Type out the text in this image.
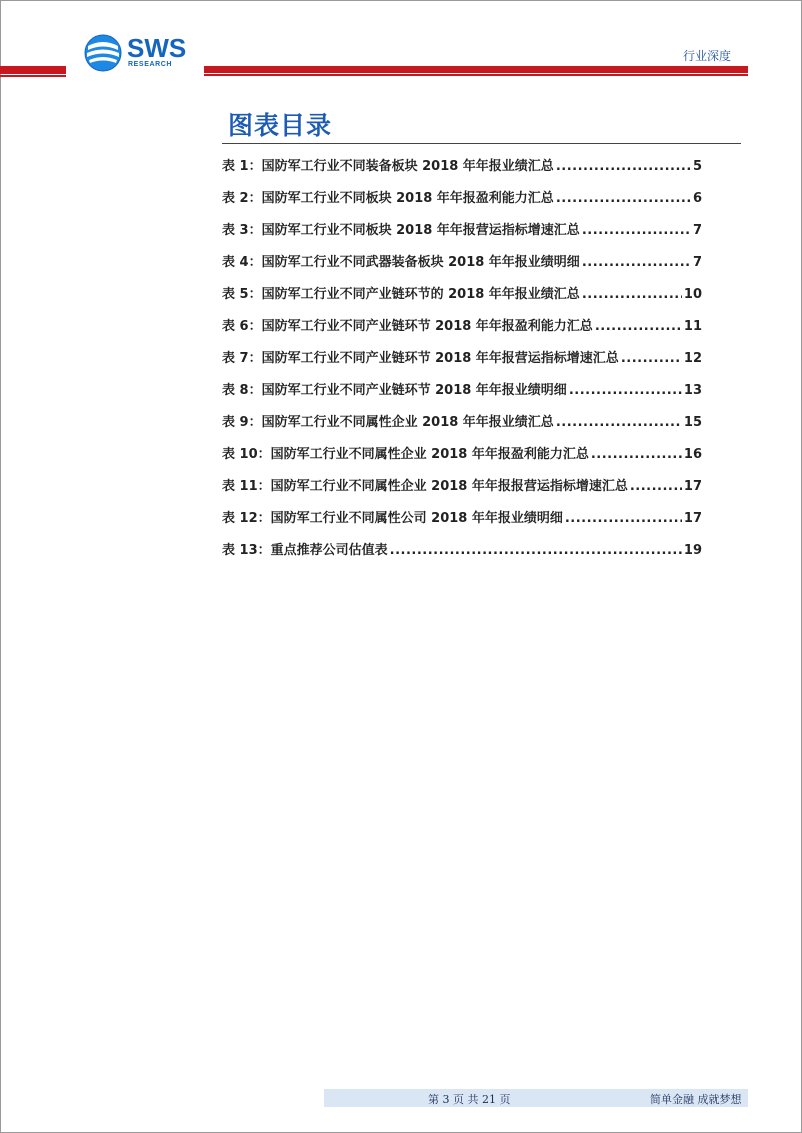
SWS
RESEARCH
行业深度
图表目录
表 1：国防军工行业不同装备板块 2018 年年报业绩汇总 .....	5
表 2：国防军工行业不同板块 2018 年年报盈利能力汇总 .....	6
表 3：国防军工行业不同板块 2018 年年报营运指标增速汇总 .....	7
表 4：国防军工行业不同武器装备板块 2018 年年报业绩明细 .....	7
表 5：国防军工行业不同产业链环节的 2018 年年报业绩汇总 .....	10
表 6：国防军工行业不同产业链环节 2018 年年报盈利能力汇总 .....	11
表 7：国防军工行业不同产业链环节 2018 年年报营运指标增速汇总 .....	12
表 8：国防军工行业不同产业链环节 2018 年年报业绩明细 .....	13
表 9：国防军工行业不同属性企业 2018 年年报业绩汇总 .....	15
表 10：国防军工行业不同属性企业 2018 年年报盈利能力汇总 .....	16
表 11：国防军工行业不同属性企业 2018 年年报报营运指标增速汇总 .....	17
表 12：国防军工行业不同属性公司 2018 年年报业绩明细 .....	17
表 13：重点推荐公司估值表 .....	19
第 3 页 共 21 页	简单金融 成就梦想
